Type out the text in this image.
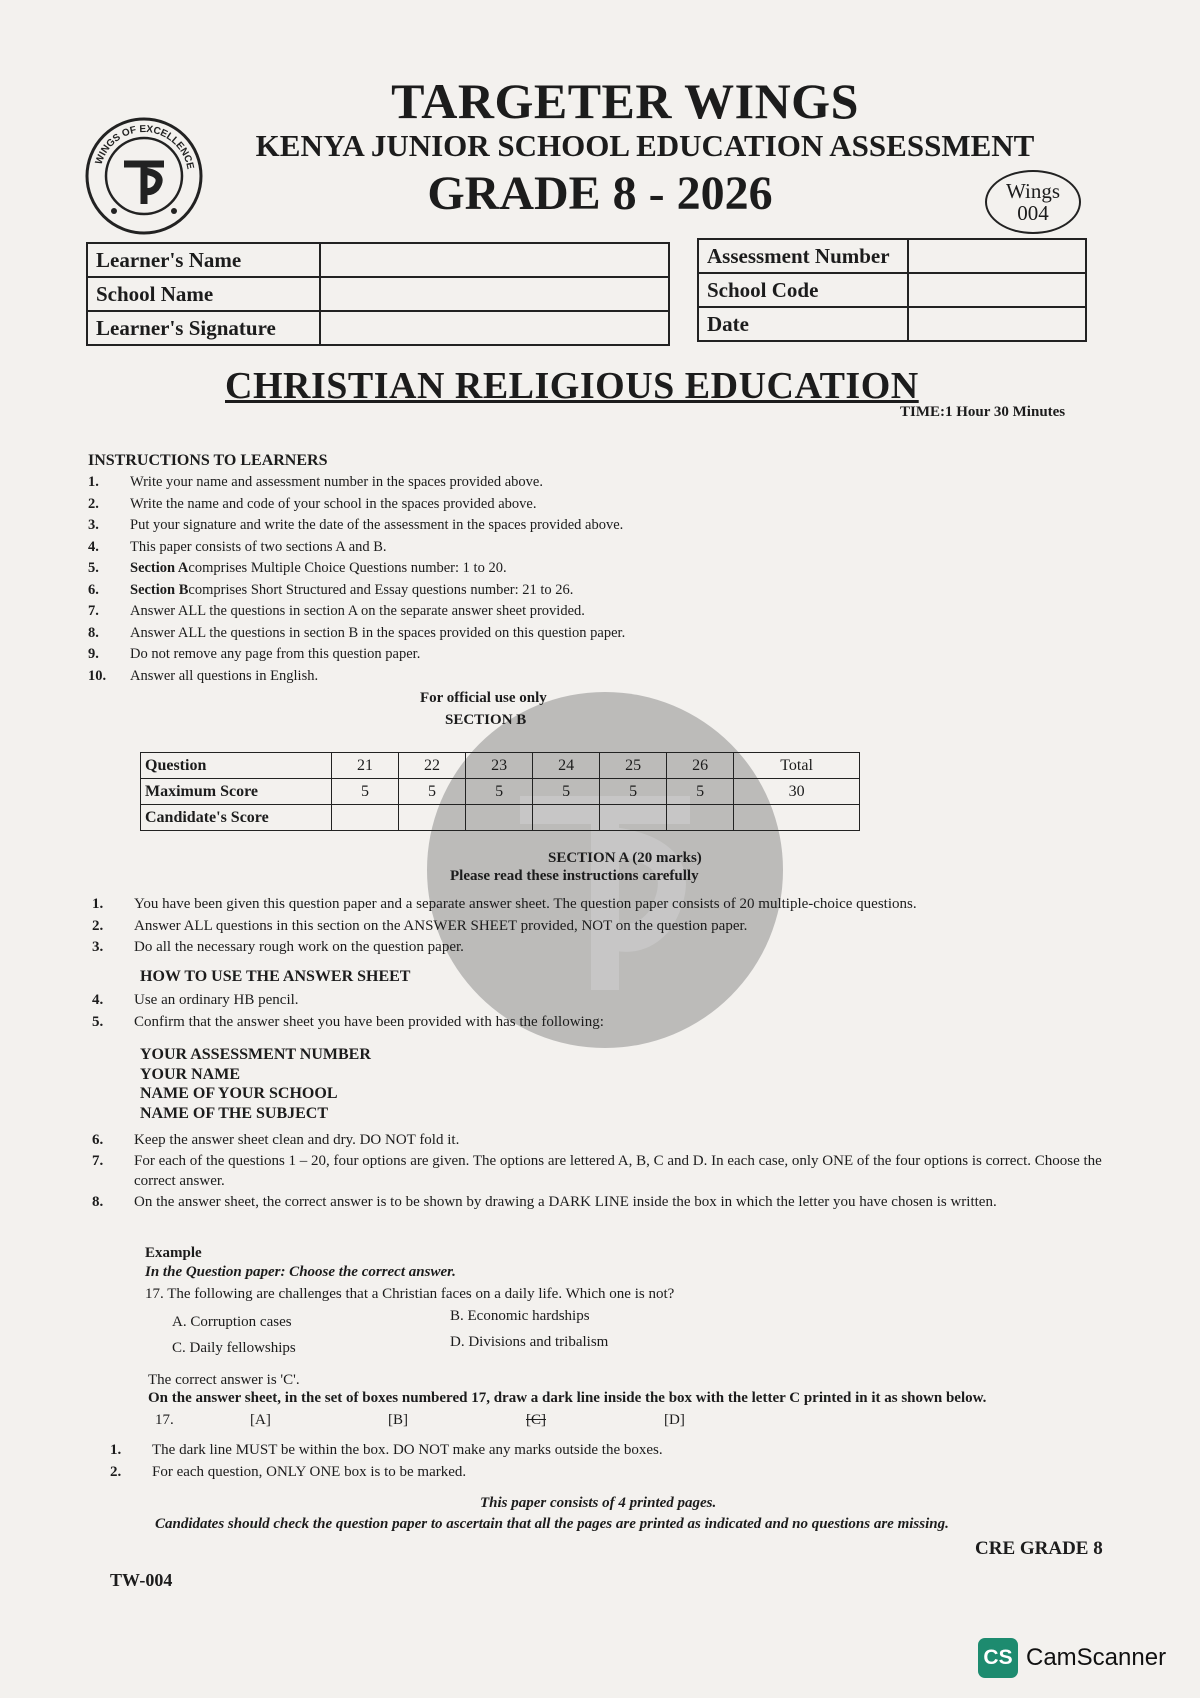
WINGS OF EXCELLENCE
TARGETER WINGS
KENYA JUNIOR SCHOOL EDUCATION ASSESSMENT
GRADE 8 - 2026	Wings
004
Learner's Name	
School Name	
Learner's Signature	
Assessment Number	
School Code	
Date	
CHRISTIAN RELIGIOUS EDUCATION
TIME:1 Hour 30 Minutes
INSTRUCTIONS TO LEARNERS
1.	Write your name and assessment number in the spaces provided above.
2.	Write the name and code of your school in the spaces provided above.
3.	Put your signature and write the date of the assessment in the spaces provided above.
4.	This paper consists of two sections A and B.
5.	Section A comprises Multiple Choice Questions number: 1 to 20.
6.	Section B comprises Short Structured and Essay questions number: 21 to 26.
7.	Answer ALL the questions in section A on the separate answer sheet provided.
8.	Answer ALL the questions in section B in the spaces provided on this question paper.
9.	Do not remove any page from this question paper.
10.	Answer all questions in English.
For official use only
SECTION B
Question	21	22	23	24	25	26	Total
Maximum Score	5	5	5	5	5	5	30
Candidate's Score							
SECTION A (20 marks)
Please read these instructions carefully
1.	You have been given this question paper and a separate answer sheet. The question paper consists of 20 multiple-choice questions.
2.	Answer ALL questions in this section on the ANSWER SHEET provided, NOT on the question paper.
3.	Do all the necessary rough work on the question paper.
HOW TO USE THE ANSWER SHEET
4.	Use an ordinary HB pencil.
5.	Confirm that the answer sheet you have been provided with has the following:
YOUR ASSESSMENT NUMBER
YOUR NAME
NAME OF YOUR SCHOOL
NAME OF THE SUBJECT
6.	Keep the answer sheet clean and dry. DO NOT fold it.
7.	For each of the questions 1 – 20, four options are given. The options are lettered A, B, C and D. In each case, only ONE of the four options is correct. Choose the correct answer.
8.	On the answer sheet, the correct answer is to be shown by drawing a DARK LINE inside the box in which the letter you have chosen is written.
Example
In the Question paper: Choose the correct answer.
17. The following are challenges that a Christian faces on a daily life. Which one is not?
A. Corruption cases	B. Economic hardships
C. Daily fellowships	D. Divisions and tribalism
The correct answer is 'C'.
On the answer sheet, in the set of boxes numbered 17, draw a dark line inside the box with the letter C printed in it as shown below.
17.	[A]	[B]	[C]	[D]
1.	The dark line MUST be within the box. DO NOT make any marks outside the boxes.
2.	For each question, ONLY ONE box is to be marked.
This paper consists of 4 printed pages.
Candidates should check the question paper to ascertain that all the pages are printed as indicated and no questions are missing.
CRE GRADE 8
TW-004
CS CamScanner
